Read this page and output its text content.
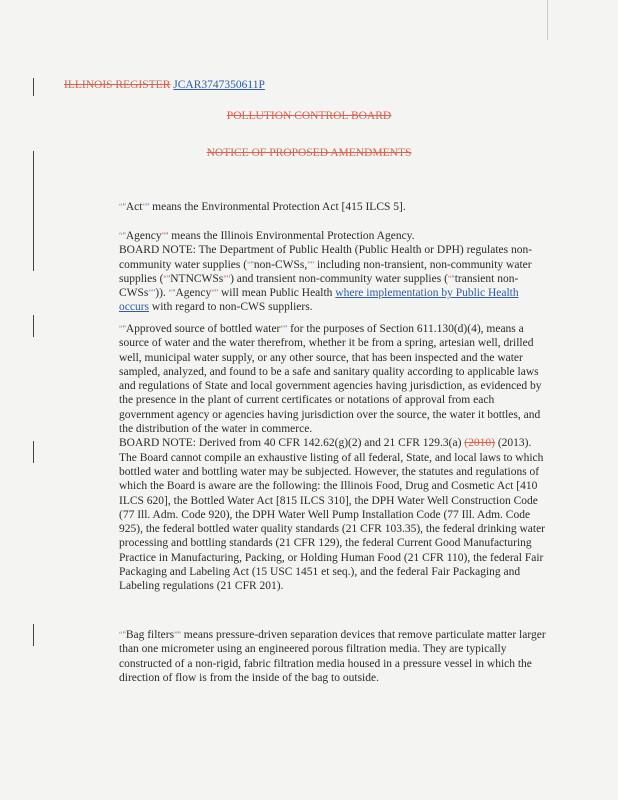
ILLINOIS REGISTER JCAR3747350611P
POLLUTION CONTROL BOARD
NOTICE OF PROPOSED AMENDMENTS

“"Act”" means the Environmental Protection Act [415 ILCS 5].

“"Agency”" means the Illinois Environmental Protection Agency.

BOARD NOTE: The Department of Public Health (Public Health or DPH) regulates non-community water supplies (“"non-CWSs,”" including non-transient, non-community water supplies (“"NTNCWSs”") and transient non-community water supplies (“"transient non-CWSs”")). “"Agency”" will mean Public Health where implementation by Public Health occurs with regard to non-CWS suppliers.

“"Approved source of bottled water”" for the purposes of Section 611.130(d)(4), means a source of water and the water therefrom, whether it be from a spring, artesian well, drilled well, municipal water supply, or any other source, that has been inspected and the water sampled, analyzed, and found to be a safe and sanitary quality according to applicable laws and regulations of State and local government agencies having jurisdiction, as evidenced by the presence in the plant of current certificates or notations of approval from each government agency or agencies having jurisdiction over the source, the water it bottles, and the distribution of the water in commerce.

BOARD NOTE: Derived from 40 CFR 142.62(g)(2) and 21 CFR 129.3(a) (2010) (2013). The Board cannot compile an exhaustive listing of all federal, State, and local laws to which bottled water and bottling water may be subjected. However, the statutes and regulations of which the Board is aware are the following: the Illinois Food, Drug and Cosmetic Act [410 ILCS 620], the Bottled Water Act [815 ILCS 310], the DPH Water Well Construction Code (77 Ill. Adm. Code 920), the DPH Water Well Pump Installation Code (77 Ill. Adm. Code 925), the federal bottled water quality standards (21 CFR 103.35), the federal drinking water processing and bottling standards (21 CFR 129), the federal Current Good Manufacturing Practice in Manufacturing, Packing, or Holding Human Food (21 CFR 110), the federal Fair Packaging and Labeling Act (15 USC 1451 et seq.), and the federal Fair Packaging and Labeling regulations (21 CFR 201).

“"Bag filters”" means pressure-driven separation devices that remove particulate matter larger than one micrometer using an engineered porous filtration media. They are typically constructed of a non-rigid, fabric filtration media housed in a pressure vessel in which the direction of flow is from the inside of the bag to outside.
